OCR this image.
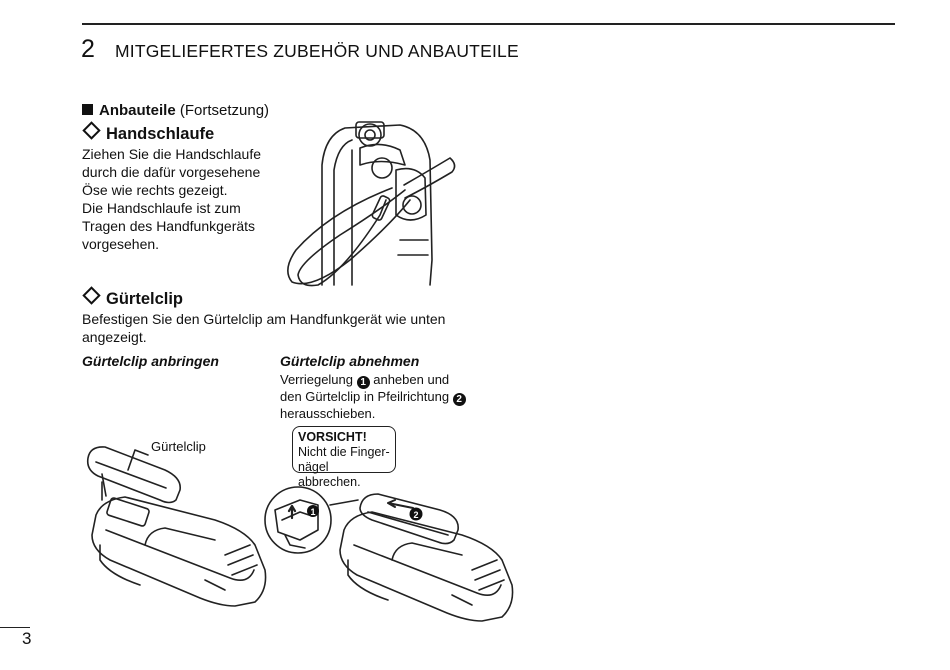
2 MITGELIEFERTES ZUBEHÖR UND ANBAUTEILE
Anbauteile (Fortsetzung)
Handschlaufe
Ziehen Sie die Handschlaufe
durch die dafür vorgesehene
Öse wie rechts gezeigt.
Die Handschlaufe ist zum
Tragen des Handfunkgeräts
vorgesehen.
Gürtelclip
Befestigen Sie den Gürtelclip am Handfunkgerät wie unten
angezeigt.
Gürtelclip anbringen	Gürtelclip abnehmen
Verriegelung 1 anheben und
den Gürtelclip in Pfeilrichtung 2
herausschieben.
VORSICHT!
Nicht die Finger-
nägel abbrechen.
Gürtelclip
1	2
3
